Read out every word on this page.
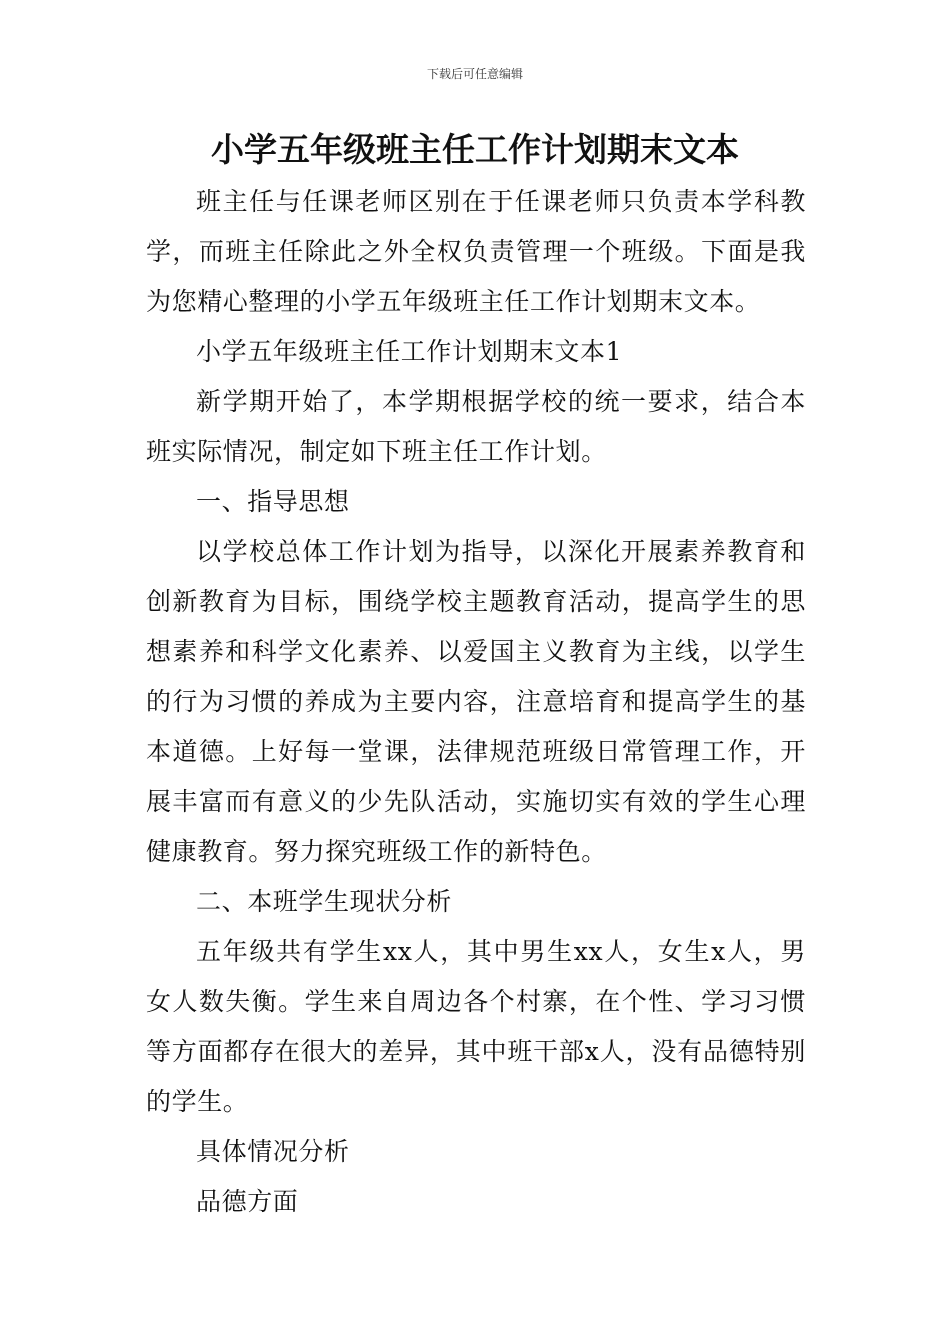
下载后可任意编辑
小学五年级班主任工作计划期末文本

班主任与任课老师区别在于任课老师只负责本学科教学，而班主任除此之外全权负责管理一个班级。下面是我为您精心整理的小学五年级班主任工作计划期末文本。

小学五年级班主任工作计划期末文本1

新学期开始了，本学期根据学校的统一要求，结合本班实际情况，制定如下班主任工作计划。

一、指导思想

以学校总体工作计划为指导，以深化开展素养教育和创新教育为目标，围绕学校主题教育活动，提高学生的思想素养和科学文化素养、以爱国主义教育为主线，以学生的行为习惯的养成为主要内容，注意培育和提高学生的基本道德。上好每一堂课，法律规范班级日常管理工作，开展丰富而有意义的少先队活动，实施切实有效的学生心理健康教育。努力探究班级工作的新特色。

二、本班学生现状分析

五年级共有学生xx人，其中男生xx人，女生x人，男女人数失衡。学生来自周边各个村寨，在个性、学习习惯等方面都存在很大的差异，其中班干部x人，没有品德特别的学生。

具体情况分析

品德方面
